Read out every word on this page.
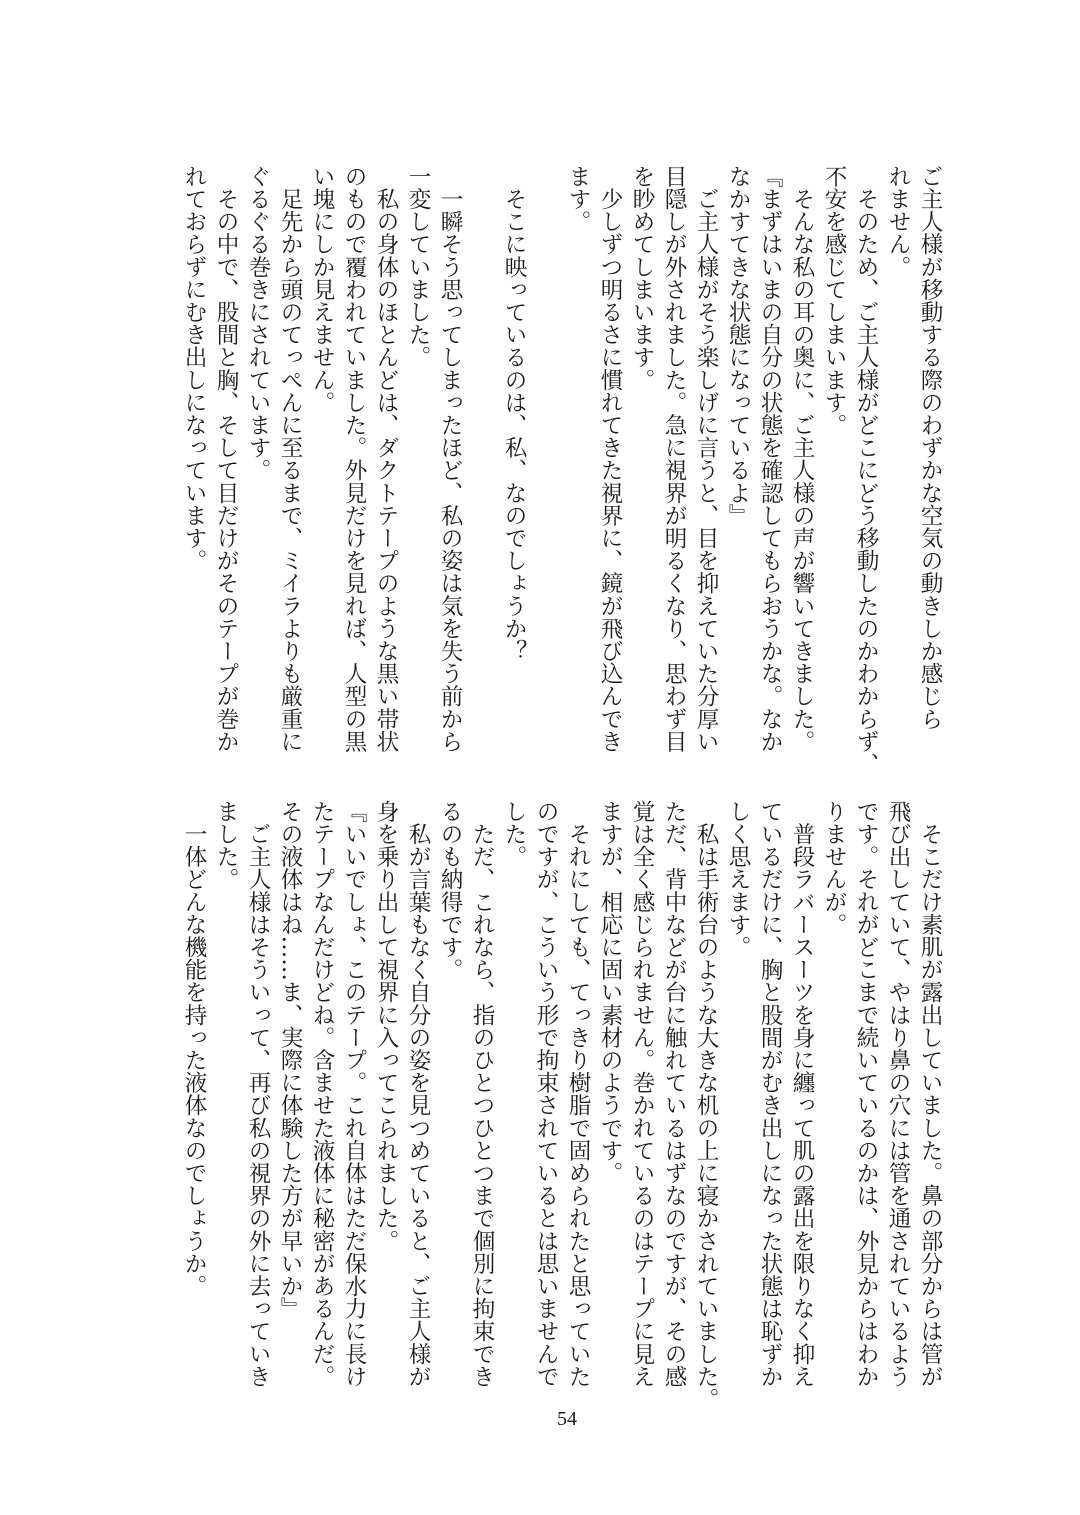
ご主人様が移動する際のわずかな空気の動きしか感じら
れません。
　そのため、ご主人様がどこにどう移動したのかわからず、
不安を感じてしまいます。
　そんな私の耳の奥に、ご主人様の声が響いてきました。
『まずはいまの自分の状態を確認してもらおうかな。なか
なかすてきな状態になっているよ』
　ご主人様がそう楽しげに言うと、目を抑えていた分厚い
目隠しが外されました。急に視界が明るくなり、思わず目
を眇めてしまいます。
　少しずつ明るさに慣れてきた視界に、鏡が飛び込んでき
ます。

　そこに映っているのは、私、なのでしょうか？

　一瞬そう思ってしまったほど、私の姿は気を失う前から
一変していました。
　私の身体のほとんどは、ダクトテープのような黒い帯状
のもので覆われていました。外見だけを見れば、人型の黒
い塊にしか見えません。
　足先から頭のてっぺんに至るまで、ミイラよりも厳重に
ぐるぐる巻きにされています。
　その中で、股間と胸、そして目だけがそのテープが巻か
れておらずにむき出しになっています。
　そこだけ素肌が露出していました。鼻の部分からは管が
飛び出していて、やはり鼻の穴には管を通されているよう
です。それがどこまで続いているのかは、外見からはわか
りませんが。
　普段ラバースーツを身に纏って肌の露出を限りなく抑え
ているだけに、胸と股間がむき出しになった状態は恥ずか
しく思えます。
　私は手術台のような大きな机の上に寝かされていました。
ただ、背中などが台に触れているはずなのですが、その感
覚は全く感じられません。巻かれているのはテープに見え
ますが、相応に固い素材のようです。
　それにしても、てっきり樹脂で固められたと思っていた
のですが、こういう形で拘束されているとは思いませんで
した。
　ただ、これなら、指のひとつひとつまで個別に拘束でき
るのも納得です。
　私が言葉もなく自分の姿を見つめていると、ご主人様が
身を乗り出して視界に入ってこられました。
『いいでしょ、このテープ。これ自体はただ保水力に長け
たテープなんだけどね。含ませた液体に秘密があるんだ。
その液体はね……ま、実際に体験した方が早いか』
　ご主人様はそういって、再び私の視界の外に去っていき
ました。
　一体どんな機能を持った液体なのでしょうか。
54
